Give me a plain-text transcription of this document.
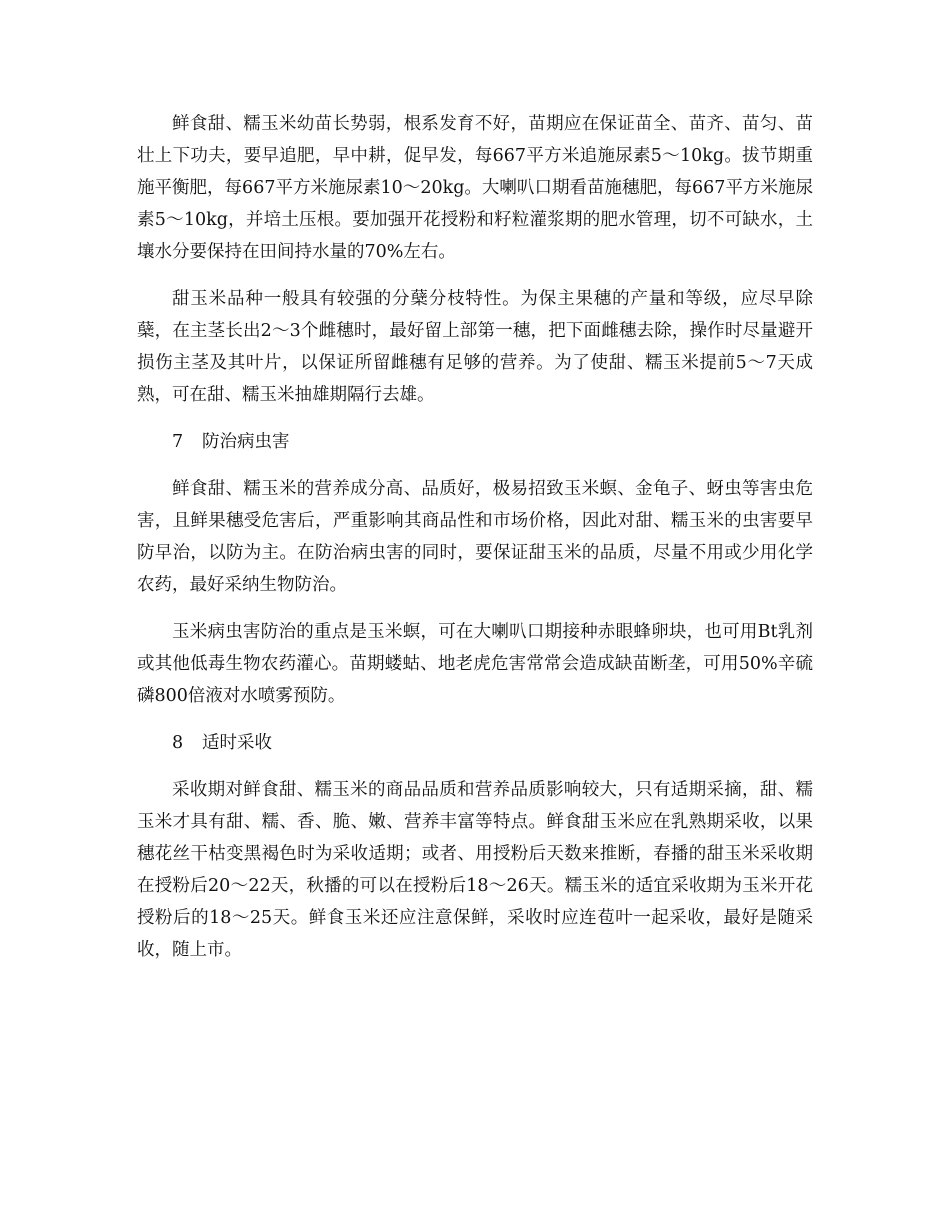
鲜食甜、糯玉米幼苗长势弱，根系发育不好，苗期应在保证苗全、苗齐、苗匀、苗壮上下功夫，要早追肥，早中耕，促早发，每667平方米追施尿素5～10kg。拔节期重施平衡肥，每667平方米施尿素10～20kg。大喇叭口期看苗施穗肥，每667平方米施尿素5～10kg，并培土压根。要加强开花授粉和籽粒灌浆期的肥水管理，切不可缺水，土壤水分要保持在田间持水量的70%左右。

甜玉米品种一般具有较强的分蘖分枝特性。为保主果穗的产量和等级，应尽早除蘖，在主茎长出2～3个雌穗时，最好留上部第一穗，把下面雌穗去除，操作时尽量避开损伤主茎及其叶片，以保证所留雌穗有足够的营养。为了使甜、糯玉米提前5～7天成熟，可在甜、糯玉米抽雄期隔行去雄。

7 防治病虫害

鲜食甜、糯玉米的营养成分高、品质好，极易招致玉米螟、金龟子、蚜虫等害虫危害，且鲜果穗受危害后，严重影响其商品性和市场价格，因此对甜、糯玉米的虫害要早防早治，以防为主。在防治病虫害的同时，要保证甜玉米的品质，尽量不用或少用化学农药，最好采纳生物防治。

玉米病虫害防治的重点是玉米螟，可在大喇叭口期接种赤眼蜂卵块，也可用Bt乳剂或其他低毒生物农药灌心。苗期蝼蛄、地老虎危害常常会造成缺苗断垄，可用50%辛硫磷800倍液对水喷雾预防。

8 适时采收

采收期对鲜食甜、糯玉米的商品品质和营养品质影响较大，只有适期采摘，甜、糯玉米才具有甜、糯、香、脆、嫩、营养丰富等特点。鲜食甜玉米应在乳熟期采收，以果穗花丝干枯变黑褐色时为采收适期；或者、用授粉后天数来推断，春播的甜玉米采收期在授粉后20～22天，秋播的可以在授粉后18～26天。糯玉米的适宜采收期为玉米开花授粉后的18～25天。鲜食玉米还应注意保鲜，采收时应连苞叶一起采收，最好是随采收，随上市。
